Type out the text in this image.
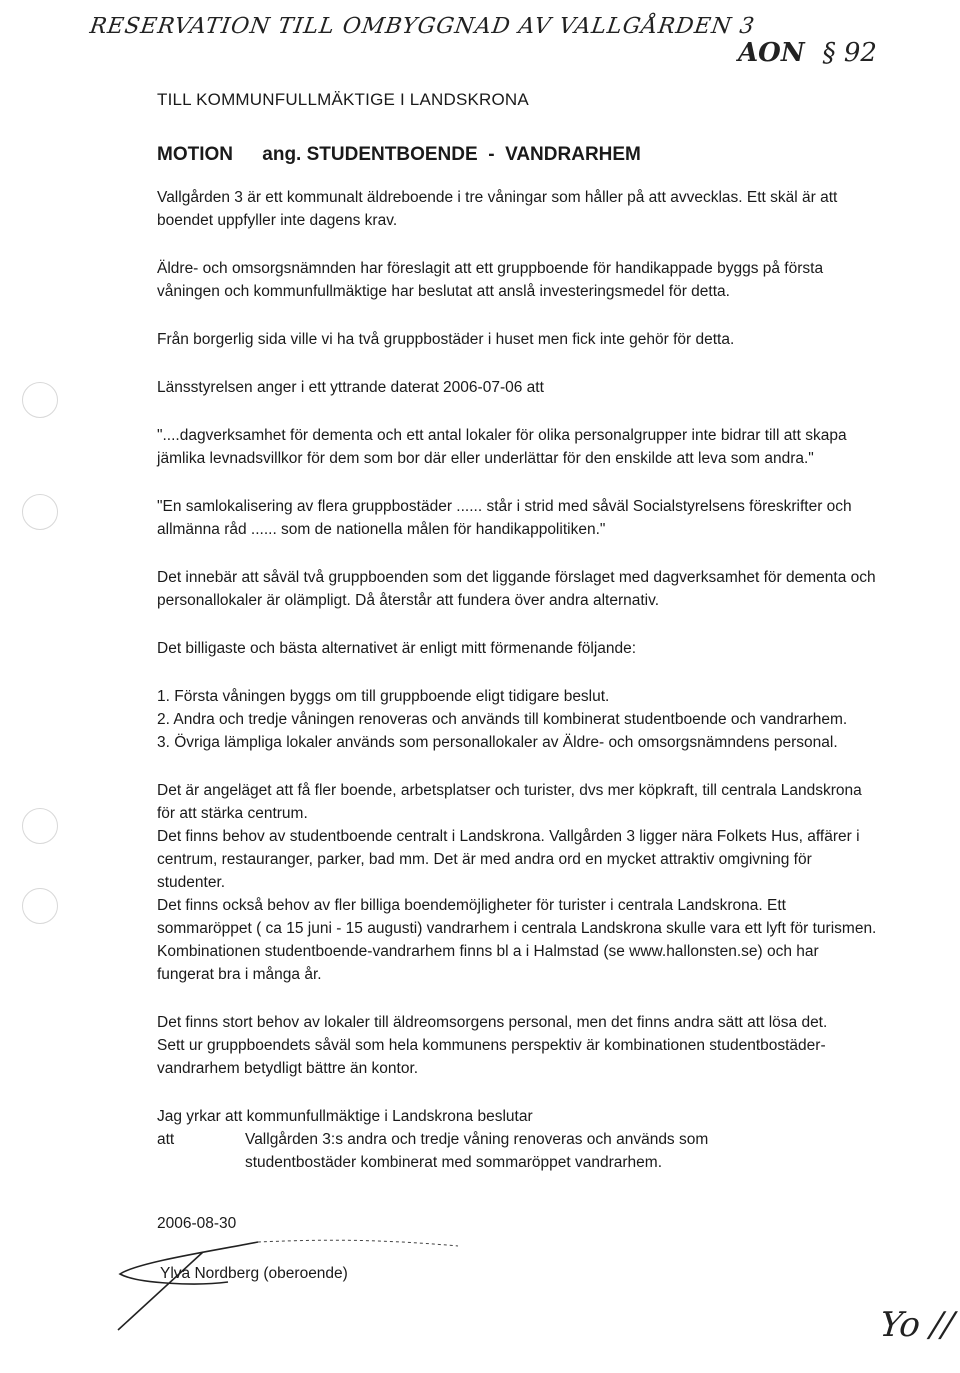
RESERVATION TILL OMBYGGNAD AV VALLGÅRDEN 3
AON § 92
TILL KOMMUNFULLMÄKTIGE I LANDSKRONA
MOTION ang. STUDENTBOENDE  -  VANDRARHEM

Vallgården 3 är ett kommunalt äldreboende i tre våningar som håller på att avvecklas. Ett skäl är att boendet uppfyller inte dagens krav.

Äldre- och omsorgsnämnden har föreslagit att ett gruppboende för handikappade byggs på första våningen och kommunfullmäktige har beslutat att anslå investeringsmedel för detta.

Från borgerlig sida ville vi ha två gruppbostäder i huset men fick inte gehör för detta.

Länsstyrelsen anger i ett yttrande daterat 2006-07-06 att

"....dagverksamhet för dementa och ett antal lokaler för olika personalgrupper inte bidrar till att skapa jämlika levnadsvillkor för dem som bor där eller underlättar för den enskilde att leva som andra."

"En samlokalisering av flera gruppbostäder ...... står i strid med såväl Socialstyrelsens föreskrifter och allmänna råd ...... som de nationella målen för handikappolitiken."

Det innebär att såväl två gruppboenden som det liggande förslaget med dagverksamhet för dementa och personallokaler är olämpligt. Då återstår att fundera över andra alternativ.

Det billigaste och bästa alternativet är enligt mitt förmenande följande:

1. Första våningen byggs om till gruppboende eligt tidigare beslut.
2. Andra och tredje våningen renoveras och används till kombinerat studentboende och vandrarhem.
3. Övriga lämpliga lokaler används som personallokaler av Äldre- och omsorgsnämndens personal.

Det är angeläget att få fler boende, arbetsplatser och turister, dvs mer köpkraft, till centrala Landskrona för att stärka centrum.

Det finns behov av studentboende centralt i Landskrona. Vallgården 3 ligger nära Folkets Hus, affärer i centrum, restauranger, parker, bad mm. Det är med andra ord en mycket attraktiv omgivning för studenter.

Det finns också behov av fler billiga boendemöjligheter för turister i centrala Landskrona. Ett sommaröppet ( ca 15 juni - 15 augusti) vandrarhem i centrala Landskrona skulle vara ett lyft för turismen.

Kombinationen studentboende-vandrarhem finns bl a i Halmstad (se www.hallonsten.se) och har fungerat bra i många år.

Det finns stort behov av lokaler till äldreomsorgens personal, men det finns andra sätt att lösa det.

Sett ur gruppboendets såväl som hela kommunens perspektiv är kombinationen studentbostäder-vandrarhem betydligt bättre än kontor.

Jag yrkar att kommunfullmäktige i Landskrona beslutar

att	Vallgården 3:s andra och tredje våning renoveras och används som studentbostäder kombinerat med sommaröppet vandrarhem.
2006-08-30
Ylva Nordberg (oberoende)
Yo //
